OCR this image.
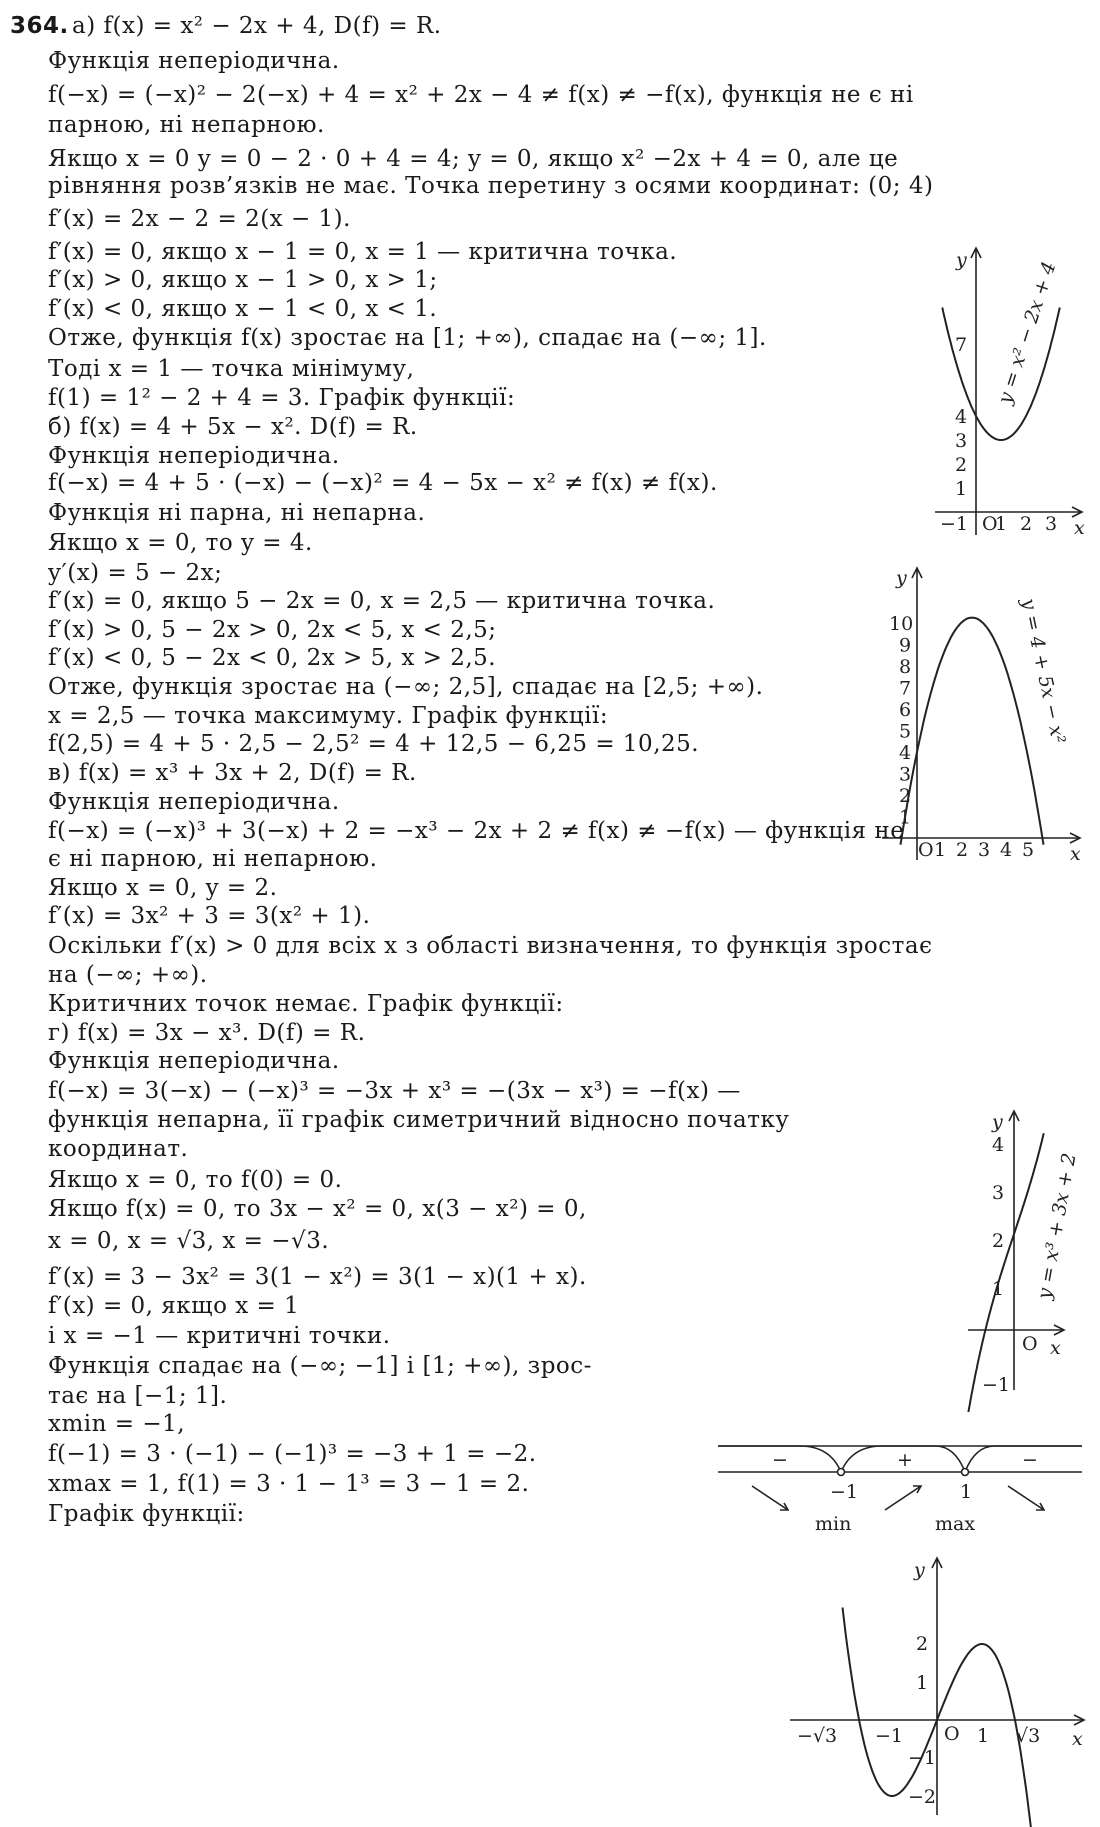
а) f(x) = x² − 2x + 4, D(f) = R.
Функція неперіодична.
f(−x) = (−x)² − 2(−x) + 4 = x² + 2x − 4 ≠ f(x) ≠ −f(x), функція не є ні
парною, ні непарною.
Якщо x = 0 y = 0 − 2 · 0 + 4 = 4; y = 0, якщо x² −2x + 4 = 0, але це
рівняння розв’язків не має. Точка перетину з осями координат: (0; 4)
f′(x) = 2x − 2 = 2(x − 1).
f′(x) = 0, якщо x − 1 = 0, x = 1 — критична точка.
f′(x) > 0, якщо x − 1 > 0, x > 1;
f′(x) < 0, якщо x − 1 < 0, x < 1.
Отже, функція f(x) зростає на [1; +∞), спадає на (−∞; 1].
Тоді x = 1 — точка мінімуму,
f(1) = 1² − 2 + 4 = 3. Графік функції:
б) f(x) = 4 + 5x − x². D(f) = R.
Функція неперіодична.
f(−x) = 4 + 5 · (−x) − (−x)² = 4 − 5x − x² ≠ f(x) ≠ f(x).
Функція ні парна, ні непарна.
Якщо x = 0, то y = 4.
y′(x) = 5 − 2x;
f′(x) = 0, якщо 5 − 2x = 0, x = 2,5 — критична точка.
f′(x) > 0, 5 − 2x > 0, 2x < 5, x < 2,5;
f′(x) < 0, 5 − 2x < 0, 2x > 5, x > 2,5.
Отже, функція зростає на (−∞; 2,5], спадає на [2,5; +∞).
x = 2,5 — точка максимуму. Графік функції:
f(2,5) = 4 + 5 · 2,5 − 2,5² = 4 + 12,5 − 6,25 = 10,25.
в) f(x) = x³ + 3x + 2, D(f) = R.
Функція неперіодична.
f(−x) = (−x)³ + 3(−x) + 2 = −x³ − 2x + 2 ≠ f(x) ≠ −f(x) — функція не
є ні парною, ні непарною.
Якщо x = 0, y = 2.
f′(x) = 3x² + 3 = 3(x² + 1).
Оскільки f′(x) > 0 для всіх x з області визначення, то функція зростає
на (−∞; +∞).
Критичних точок немає. Графік функції:
г) f(x) = 3x − x³. D(f) = R.
Функція неперіодична.
f(−x) = 3(−x) − (−x)³ = −3x + x³ = −(3x − x³) = −f(x) —
функція непарна, її графік симетричний відносно початку
координат.
Якщо x = 0, то f(0) = 0.
Якщо f(x) = 0, то 3x − x² = 0, x(3 − x²) = 0,
x = 0, x = √3, x = −√3.
f′(x) = 3 − 3x² = 3(1 − x²) = 3(1 − x)(1 + x).
f′(x) = 0, якщо x = 1
і x = −1 — критичні точки.
Функція спадає на (−∞; −1] і [1; +∞), зрос-
тає на [−1; 1].
xmin = −1,
f(−1) = 3 · (−1) − (−1)³ = −3 + 1 = −2.
xmax = 1, f(1) = 3 · 1 − 1³ = 3 − 1 = 2.
Графік функції:
364.
y
x
O
−1 1 2 3
1
2
3
4
7 y = x² − 2x + 4
y
x
O 1 2 3 4 5
1
2
3
4
5
6
7
8
9
10	y = 4 + 5x − x²
y
x
O
4
3
2
1
−1
y = x³ + 3x + 2
−	+	−
−1	1
min	max
y
x
O
−√3 −1	1 √3
2
1
−1
−2
